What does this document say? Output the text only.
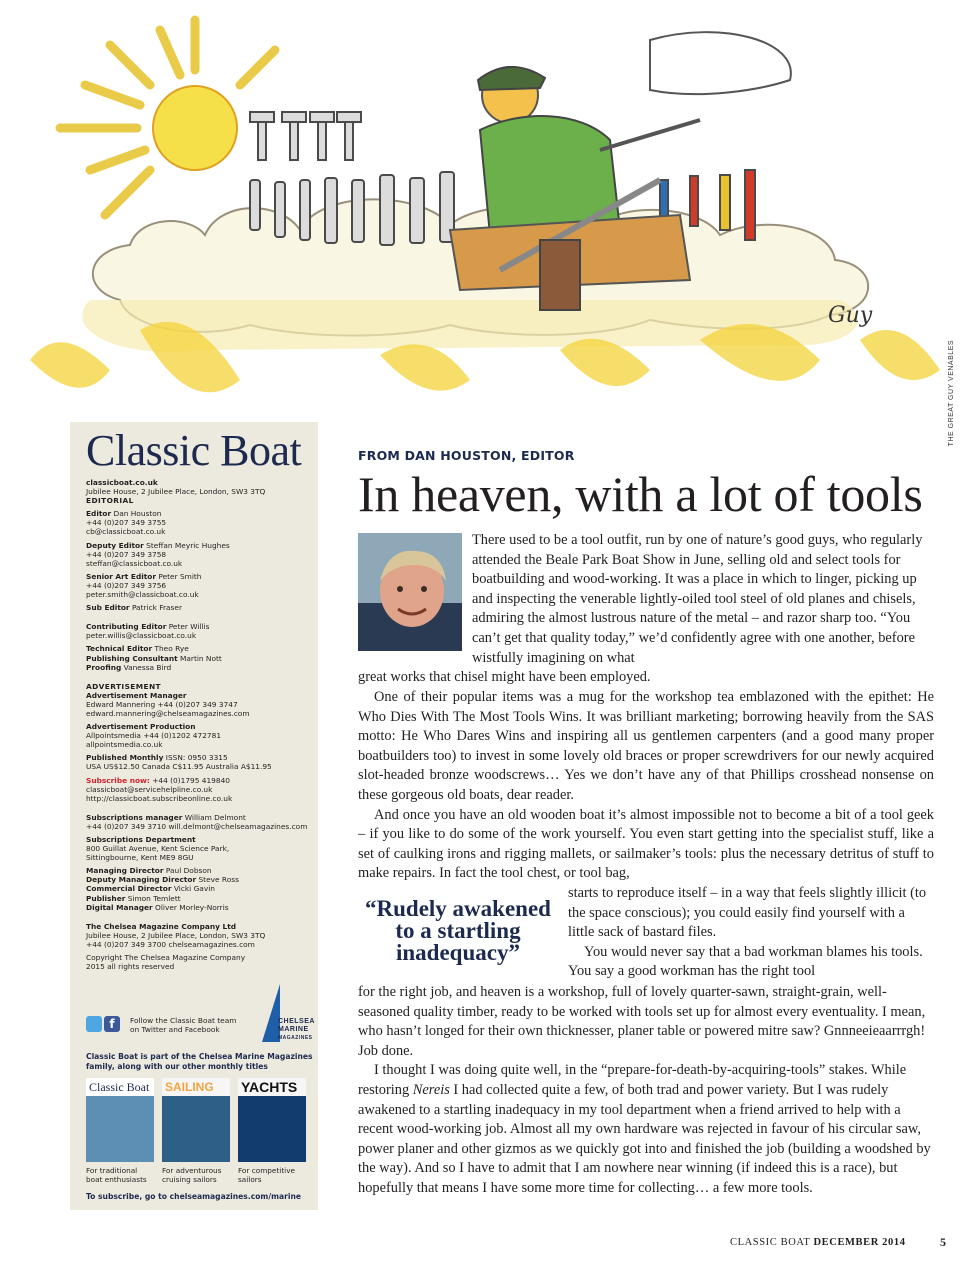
Guy
THE GREAT GUY VENABLES
Classic Boat

classicboat.co.uk
Jubilee House, 2 Jubilee Place, London, SW3 3TQ
EDITORIAL

Editor Dan Houston
+44 (0)207 349 3755
cb@classicboat.co.uk

Deputy Editor Steffan Meyric Hughes
+44 (0)207 349 3758
steffan@classicboat.co.uk

Senior Art Editor Peter Smith
+44 (0)207 349 3756
peter.smith@classicboat.co.uk

Sub Editor Patrick Fraser

Contributing Editor Peter Willis
peter.willis@classicboat.co.uk

Technical Editor Theo Rye
Publishing Consultant Martin Nott
Proofing Vanessa Bird

ADVERTISEMENT
Advertisement Manager
Edward Mannering +44 (0)207 349 3747
edward.mannering@chelseamagazines.com

Advertisement Production
Allpointsmedia +44 (0)1202 472781
allpointsmedia.co.uk

Published Monthly ISSN: 0950 3315
USA US$12.50 Canada C$11.95 Australia A$11.95

Subscribe now: +44 (0)1795 419840
classicboat@servicehelpline.co.uk
http://classicboat.subscribeonline.co.uk

Subscriptions manager William Delmont
+44 (0)207 349 3710 will.delmont@chelseamagazines.com

Subscriptions Department
800 Guillat Avenue, Kent Science Park,
Sittingbourne, Kent ME9 8GU

Managing Director Paul Dobson
Deputy Managing Director Steve Ross
Commercial Director Vicki Gavin
Publisher Simon Temlett
Digital Manager Oliver Morley-Norris

The Chelsea Magazine Company Ltd
Jubilee House, 2 Jubilee Place, London, SW3 3TQ
+44 (0)207 349 3700 chelseamagazines.com

Copyright The Chelsea Magazine Company
2015 all rights reserved

CHELSEA
MARINE
MAGAZINES
f	Follow the Classic Boat team
on Twitter and Facebook
Classic Boat is part of the Chelsea Marine Magazines
family, along with our other monthly titles
Classic Boat	SAILING	YACHTS
For traditional
boat enthusiasts
For adventurous
cruising sailors
For competitive
sailors
To subscribe, go to chelseamagazines.com/marine
FROM DAN HOUSTON, EDITOR
In heaven, with a lot of tools
There used to be a tool outfit, run by one of nature’s good guys, who regularly attended the Beale Park Boat Show in June, selling old and select tools for boatbuilding and wood-working. It was a place in which to linger, picking up and inspecting the venerable lightly-oiled tool steel of old planes and chisels, admiring the almost lustrous nature of the metal – and razor sharp too. “You can’t get that quality today,” we’d confidently agree with one another, before wistfully imagining on what
great works that chisel might have been employed.
One of their popular items was a mug for the workshop tea emblazoned with the epithet: He Who Dies With The Most Tools Wins. It was brilliant marketing; borrowing heavily from the SAS motto: He Who Dares Wins and inspiring all us gentlemen carpenters (and a good many proper boatbuilders too) to invest in some lovely old braces or proper screwdrivers for our newly acquired slot-headed bronze woodscrews… Yes we don’t have any of that Phillips crosshead nonsense on these gorgeous old boats, dear reader.
And once you have an old wooden boat it’s almost impossible not to become a bit of a tool geek – if you like to do some of the work yourself. You even start getting into the specialist stuff, like a set of caulking irons and rigging mallets, or sailmaker’s tools: plus the necessary detritus of stuff to make repairs. In fact the tool chest, or tool bag,
“Rudely awakened to a startling inadequacy”
starts to reproduce itself – in a way that feels slightly illicit (to the space conscious); you could easily find yourself with a little sack of bastard files.
You would never say that a bad workman blames his tools. You say a good workman has the right tool
for the right job, and heaven is a workshop, full of lovely quarter-sawn, straight-grain, well-seasoned quality timber, ready to be worked with tools set up for almost every eventuality. I mean, who hasn’t longed for their own thicknesser, planer table or powered mitre saw? Gnnneeieaarrrgh! Job done.
I thought I was doing quite well, in the “prepare-for-death-by-acquiring-tools” stakes. While restoring Nereis I had collected quite a few, of both trad and power variety. But I was rudely awakened to a startling inadequacy in my tool department when a friend arrived to help with a recent wood-working job. Almost all my own hardware was rejected in favour of his circular saw, power planer and other gizmos as we quickly got into and finished the job (building a woodshed by the way). And so I have to admit that I am nowhere near winning (if indeed this is a race), but hopefully that means I have some more time for collecting… a few more tools.
CLASSIC BOAT DECEMBER 2014	5
